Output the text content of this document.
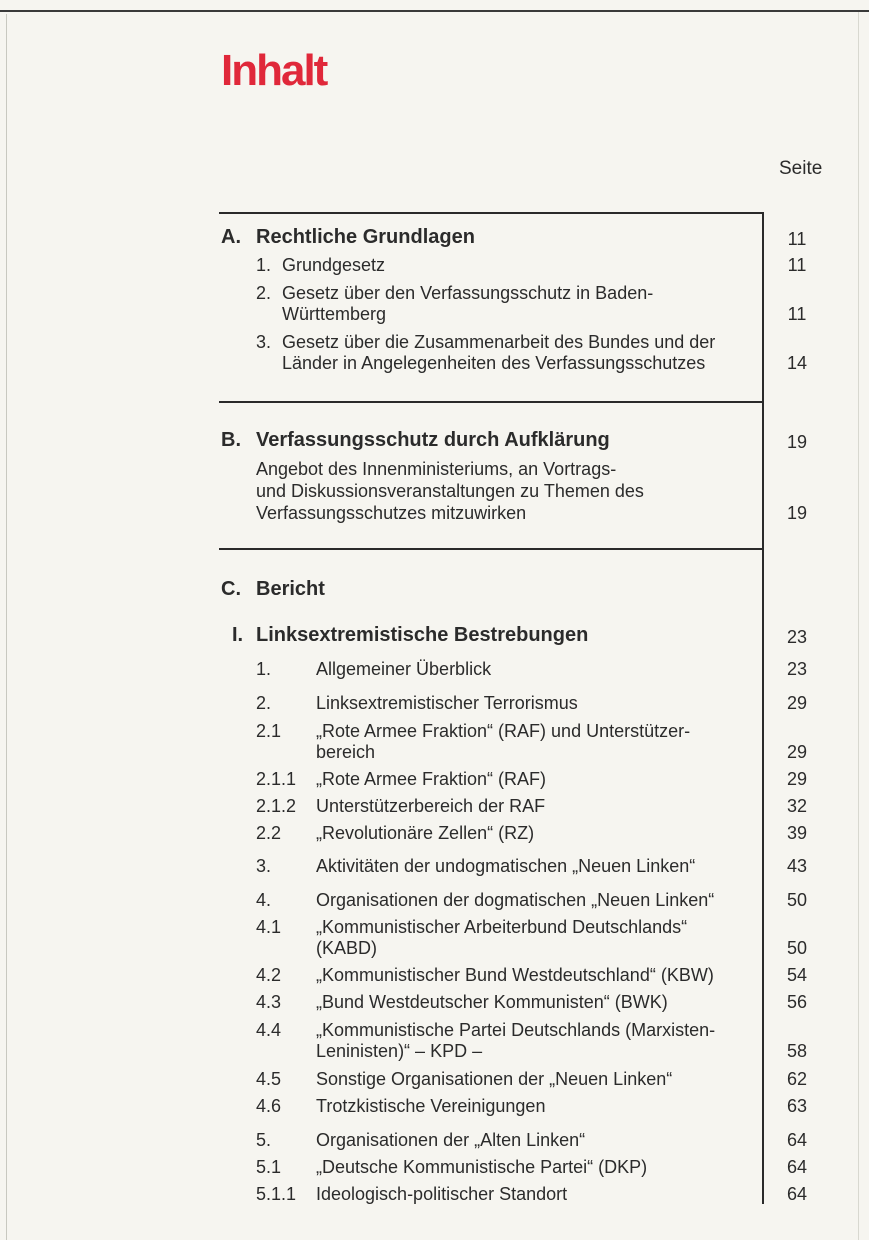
Inhalt
Seite
A. Rechtliche Grundlagen	11
1. Grundgesetz	11
2. Gesetz über den Verfassungsschutz in Baden-
Württemberg	11
3. Gesetz über die Zusammenarbeit des Bundes und der
Länder in Angelegenheiten des Verfassungsschutzes	14
B. Verfassungsschutz durch Aufklärung	19
Angebot des Innenministeriums, an Vortrags-
und Diskussionsveranstaltungen zu Themen des
Verfassungsschutzes mitzuwirken	19
C. Bericht
I. Linksextremistische Bestrebungen	23
1. Allgemeiner Überblick	23
2. Linksextremistischer Terrorismus	29
2.1 „Rote Armee Fraktion“ (RAF) und Unterstützer-
bereich	29
2.1.1 „Rote Armee Fraktion“ (RAF)	29
2.1.2 Unterstützerbereich der RAF	32
2.2 „Revolutionäre Zellen“ (RZ)	39
3. Aktivitäten der undogmatischen „Neuen Linken“	43
4. Organisationen der dogmatischen „Neuen Linken“	50
4.1 „Kommunistischer Arbeiterbund Deutschlands“
(KABD)	50
4.2 „Kommunistischer Bund Westdeutschland“ (KBW)	54
4.3 „Bund Westdeutscher Kommunisten“ (BWK)	56
4.4 „Kommunistische Partei Deutschlands (Marxisten-
Leninisten)“ – KPD –	58
4.5 Sonstige Organisationen der „Neuen Linken“	62
4.6 Trotzkistische Vereinigungen	63
5. Organisationen der „Alten Linken“	64
5.1 „Deutsche Kommunistische Partei“ (DKP)	64
5.1.1 Ideologisch-politischer Standort	64
